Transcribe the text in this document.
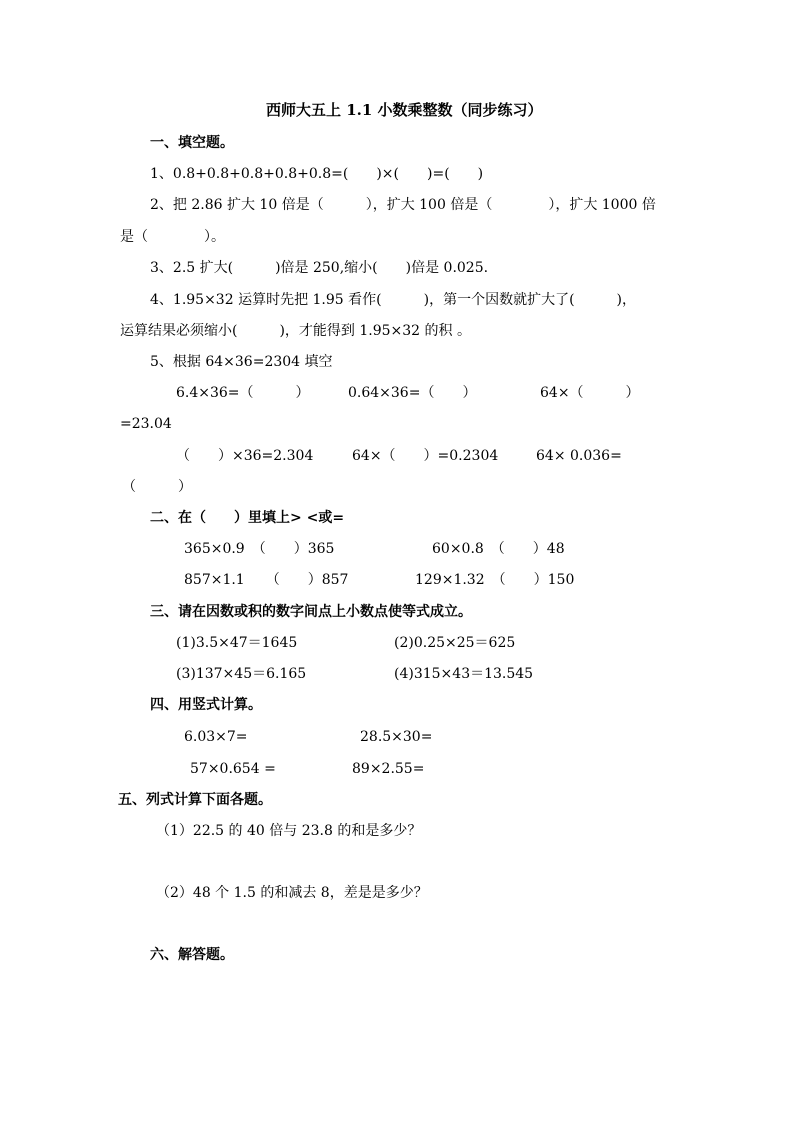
西师大五上 1.1 小数乘整数（同步练习）
一、填空题。
1、0.8+0.8+0.8+0.8+0.8=(　　)×(　　)=(　　)
2、把 2.86 扩大 10 倍是（　　　），扩大 100 倍是（　　　　），扩大 1000 倍
是（　　　　）。
3、2.5 扩大(　　　)倍是 250,缩小(　　)倍是 0.025.
4、1.95×32 运算时先把 1.95 看作(　　　)，第一个因数就扩大了(　　　)，
运算结果必须缩小(　　　)，才能得到 1.95×32 的积 。
5、根据 64×36=2304 填空
6.4×36=（　　　）	0.64×36=（　　）	64×（　　　）
=23.04
（　　）×36=2.304	64×（　　）=0.2304	64× 0.036=
（　　　）
二、在（　　）里填上> <或=
365×0.9　（　　）365	60×0.8　（　　）48
857×1.1　　（　　）857	129×1.32　（　　）150
三、请在因数或积的数字间点上小数点使等式成立。
(1)3.5×47＝1645	(2)0.25×25＝625
(3)137×45＝6.165	(4)315×43＝13.545
四、用竖式计算。
6.03×7=	28.5×30=
57×0.654 =	89×2.55=
五、列式计算下面各题。
（1）22.5 的 40 倍与 23.8 的和是多少？
（2）48 个 1.5 的和减去 8，差是是多少？
六、解答题。
